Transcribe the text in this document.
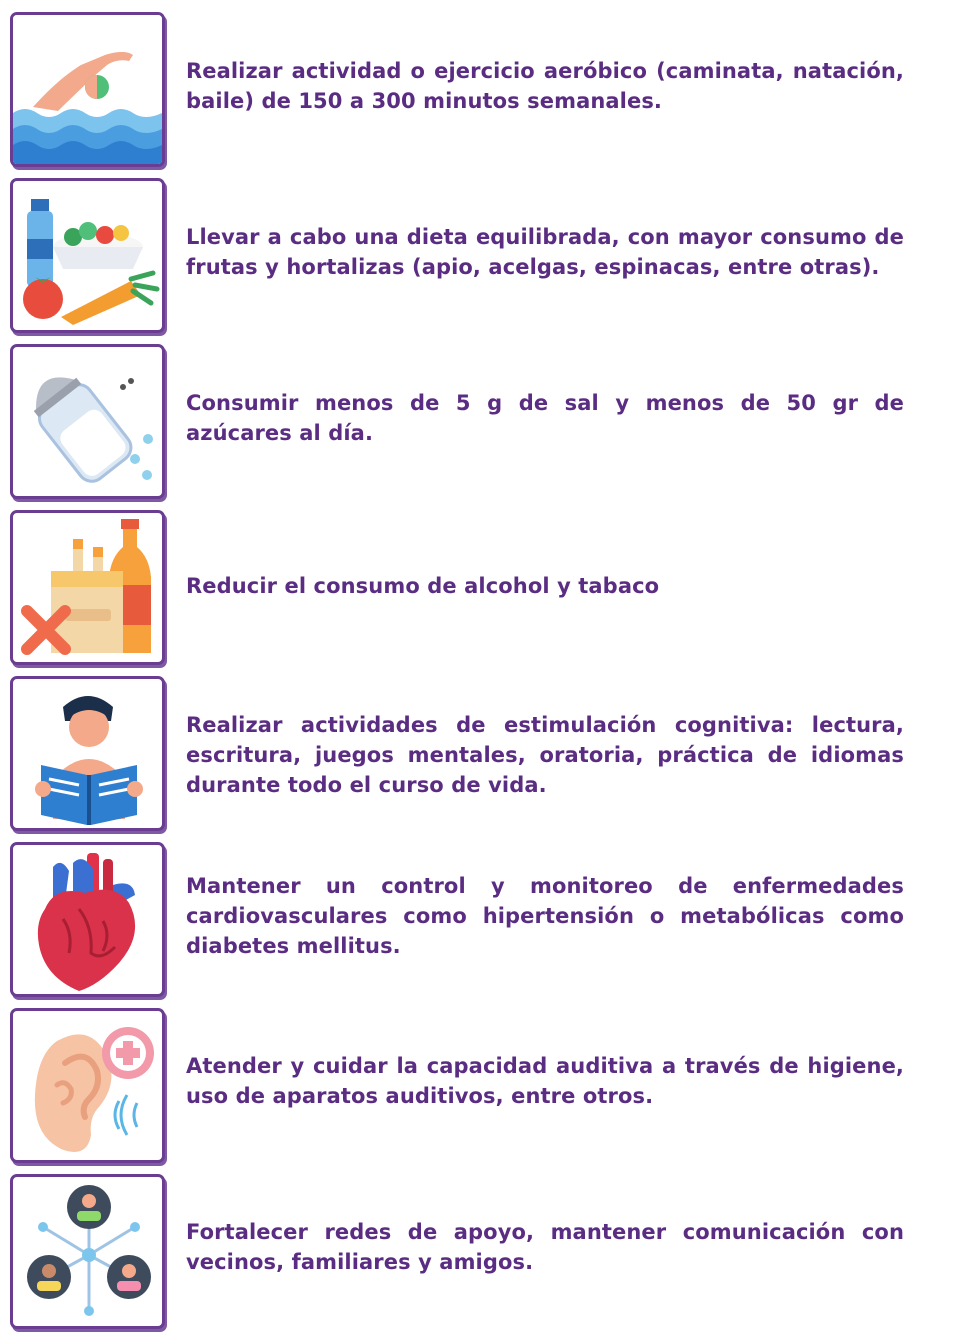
Realizar actividad o ejercicio aeróbico (caminata, natación, baile) de 150 a 300 minutos semanales.
Llevar a cabo una dieta equilibrada, con mayor consumo de frutas y hortalizas (apio, acelgas, espinacas, entre otras).
Consumir menos de 5 g de sal y menos de 50 gr de azúcares al día.
Reducir el consumo de alcohol y tabaco
Realizar actividades de estimulación cognitiva: lectura, escritura, juegos mentales, oratoria, práctica de idiomas durante todo el curso de vida.
Mantener un control y monitoreo de enfermedades cardiovasculares como hipertensión o metabólicas como diabetes mellitus.
Atender y cuidar la capacidad auditiva a través de higiene, uso de aparatos auditivos, entre otros.
Fortalecer redes de apoyo, mantener comunicación con vecinos, familiares y amigos.
